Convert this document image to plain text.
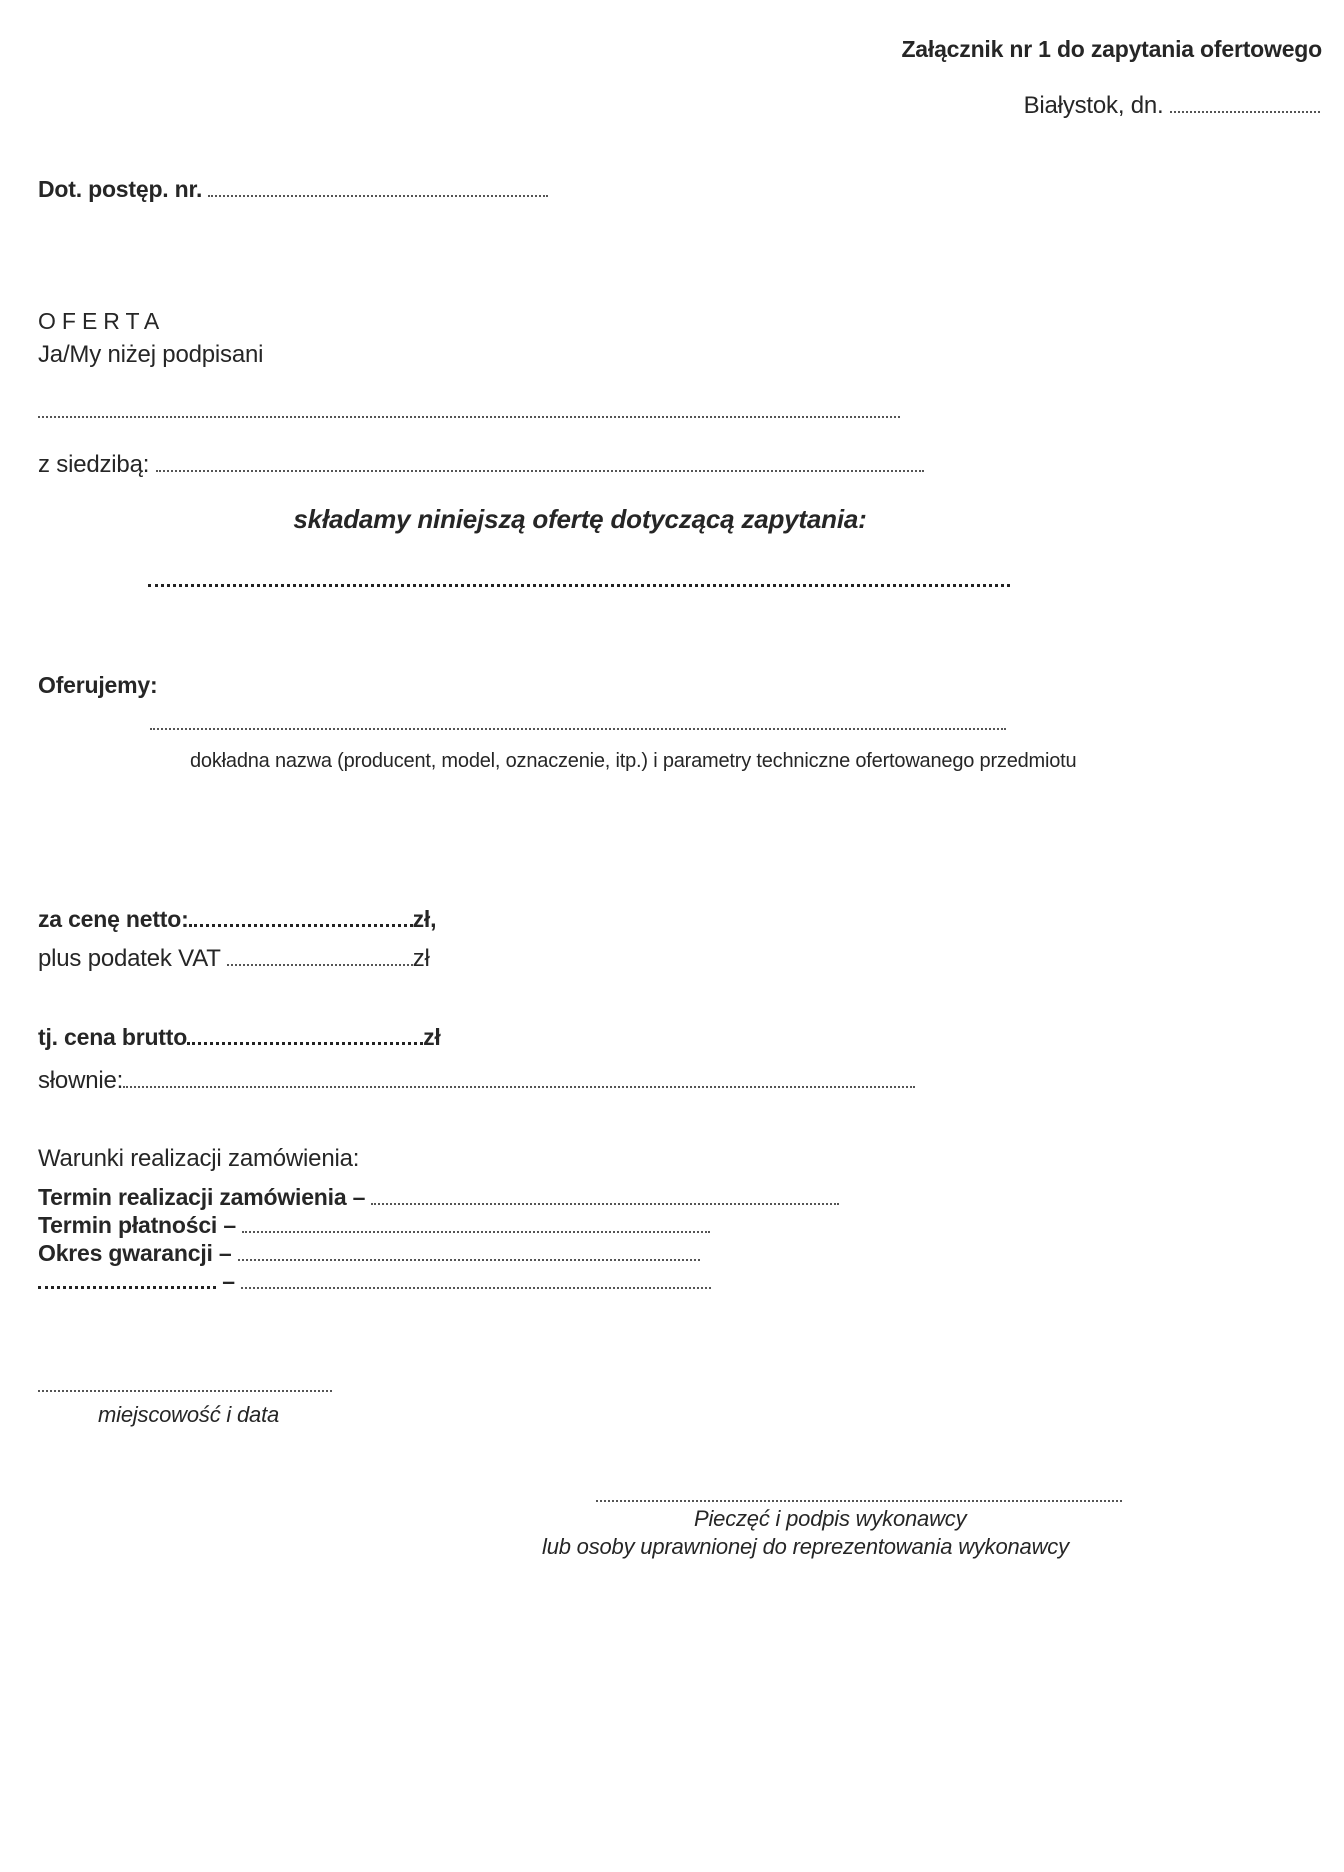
Załącznik nr 1 do zapytania ofertowego
Białystok, dn.
Dot. postęp. nr.
OFERTA
Ja/My niżej podpisani
z siedzibą:
składamy niniejszą ofertę dotyczącą zapytania:
Oferujemy:
dokładna nazwa (producent, model, oznaczenie, itp.) i parametry techniczne ofertowanego przedmiotu
za cenę netto:	zł,
plus podatek VAT	zł
tj. cena brutto	zł
słownie:
Warunki realizacji zamówienia:
Termin realizacji zamówienia –
Termin płatności –
Okres gwarancji –
–
miejscowość i data
Pieczęć i podpis wykonawcy
lub osoby uprawnionej do reprezentowania wykonawcy
